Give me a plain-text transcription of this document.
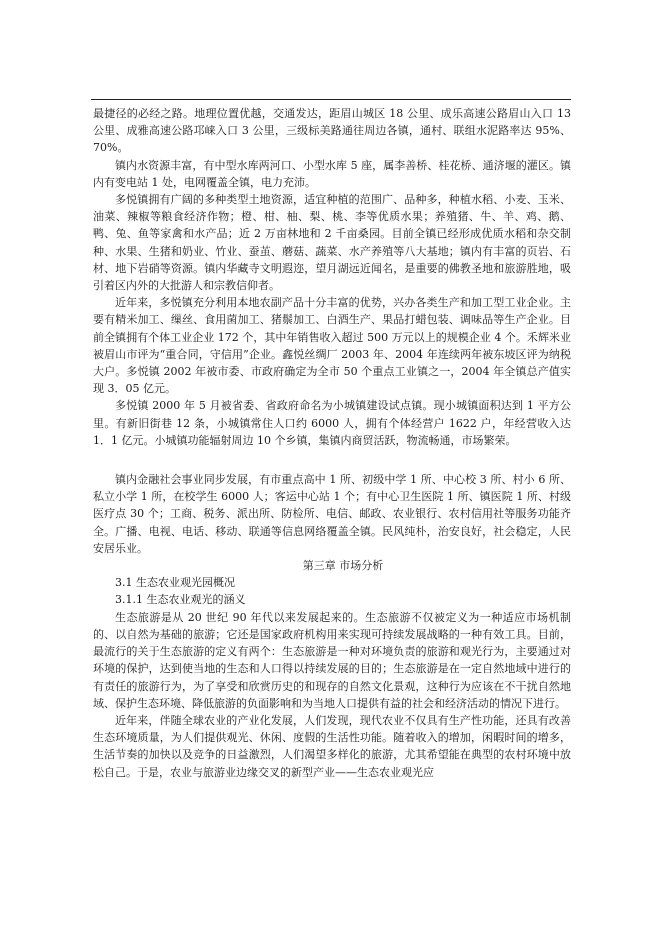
最捷径的必经之路。地理位置优越，交通发达，距眉山城区 18 公里、成乐高速公路眉山入口 13 公里、成雅高速公路邛崃入口 3 公里，三级标美路通往周边各镇，通村、联组水泥路率达 95%、70%。

镇内水资源丰富，有中型水库两河口、小型水库 5 座，属李善桥、桂花桥、通济堰的灌区。镇内有变电站 1 处，电网覆盖全镇，电力充沛。

多悦镇拥有广阔的多种类型土地资源，适宜种植的范围广、品种多，种植水稻、小麦、玉米、油菜、辣椒等粮食经济作物；橙、柑、柚、梨、桃、李等优质水果；养殖猪、牛、羊、鸡、鹅、鸭、兔、鱼等家禽和水产品；近 2 万亩林地和 2 千亩桑园。目前全镇已经形成优质水稻和杂交制种、水果、生猪和奶业、竹业、蚕茧、蘑菇、蔬菜、水产养殖等八大基地；镇内有丰富的页岩、石材、地下岩硝等资源。镇内华藏寺文明遐迩，望月湖远近闻名，是重要的佛教圣地和旅游胜地，吸引着区内外的大批游人和宗教信仰者。

近年来，多悦镇充分利用本地农副产品十分丰富的优势，兴办各类生产和加工型工业企业。主要有精米加工、缫丝、食用菌加工、猪鬃加工、白酒生产、果品打蜡包装、调味品等生产企业。目前全镇拥有个体工业企业 172 个，其中年销售收入超过 500 万元以上的规模企业 4 个。禾辉米业被眉山市评为“重合同，守信用”企业。鑫悦丝绸厂 2003 年、2004 年连续两年被东坡区评为纳税大户。多悦镇 2002 年被市委、市政府确定为全市 50 个重点工业镇之一，2004 年全镇总产值实现 3．05 亿元。

多悦镇 2000 年 5 月被省委、省政府命名为小城镇建设试点镇。现小城镇面积达到 1 平方公里。有新旧街巷 12 条，小城镇常住人口约 6000 人，拥有个体经营户 1622 户，年经营收入达 1．1 亿元。小城镇功能辐射周边 10 个乡镇，集镇内商贸活跃，物流畅通，市场繁荣。

镇内金融社会事业同步发展，有市重点高中 1 所、初级中学 1 所、中心校 3 所、村小 6 所、私立小学 1 所，在校学生 6000 人；客运中心站 1 个；有中心卫生医院 1 所、镇医院 1 所、村级医疗点 30 个；工商、税务、派出所、防检所、电信、邮政、农业银行、农村信用社等服务功能齐全。广播、电视、电话、移动、联通等信息网络覆盖全镇。民风纯朴，治安良好，社会稳定，人民安居乐业。

第三章 市场分析

3.1 生态农业观光园概况

3.1.1 生态农业观光的涵义

生态旅游是从 20 世纪 90 年代以来发展起来的。生态旅游不仅被定义为一种适应市场机制的、以自然为基础的旅游；它还是国家政府机构用来实现可持续发展战略的一种有效工具。目前，最流行的关于生态旅游的定义有两个：生态旅游是一种对环境负责的旅游和观光行为，主要通过对环境的保护，达到使当地的生态和人口得以持续发展的目的；生态旅游是在一定自然地域中进行的有责任的旅游行为，为了享受和欣赏历史的和现存的自然文化景观，这种行为应该在不干扰自然地域、保护生态环境、降低旅游的负面影响和为当地人口提供有益的社会和经济活动的情况下进行。

近年来，伴随全球农业的产业化发展，人们发现，现代农业不仅具有生产性功能，还具有改善生态环境质量，为人们提供观光、休闲、度假的生活性功能。随着收入的增加，闲暇时间的增多，生活节奏的加快以及竞争的日益激烈，人们渴望多样化的旅游，尤其希望能在典型的农村环境中放松自己。于是，农业与旅游业边缘交叉的新型产业——生态农业观光应
